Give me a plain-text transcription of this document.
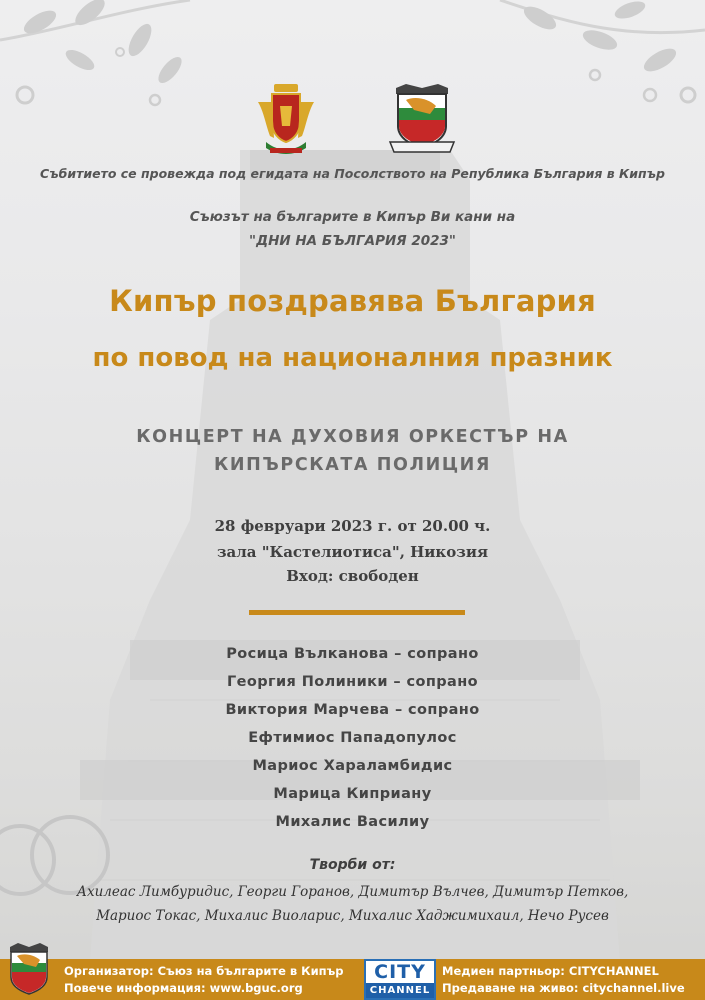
Събитието се провежда под егидата на Посолството на Република България в Кипър
Съюзът на българите в Кипър Ви кани на
"ДНИ НА БЪЛГАРИЯ 2023"
Кипър поздравява България
по повод на националния празник
КОНЦЕРТ НА ДУХОВИЯ ОРКЕСТЪР НА
КИПЪРСКАТА ПОЛИЦИЯ
28 февруари 2023 г. от 20.00 ч.
зала "Кастелиотиса", Никозия
Вход: свободен
Росица Вълканова – сопрано
Георгия Полиники – сопрано
Виктория Марчева – сопрано
Ефтимиос Пападопулос
Мариос Хараламбидис
Марица Киприану
Михалис Василиу
Творби от:
Ахилеас Лимбуридис, Георги Горанов, Димитър Вълчев, Димитър Петков,
Мариос Токас, Михалис Виоларис, Михалис Хаджимихаил, Нечо Русев
Организатор: Съюз на българите в Кипър
Повече информация: www.bguc.org
CITY
CHANNEL
Медиен партньор: CITYCHANNEL
Предаване на живо: citychannel.live
